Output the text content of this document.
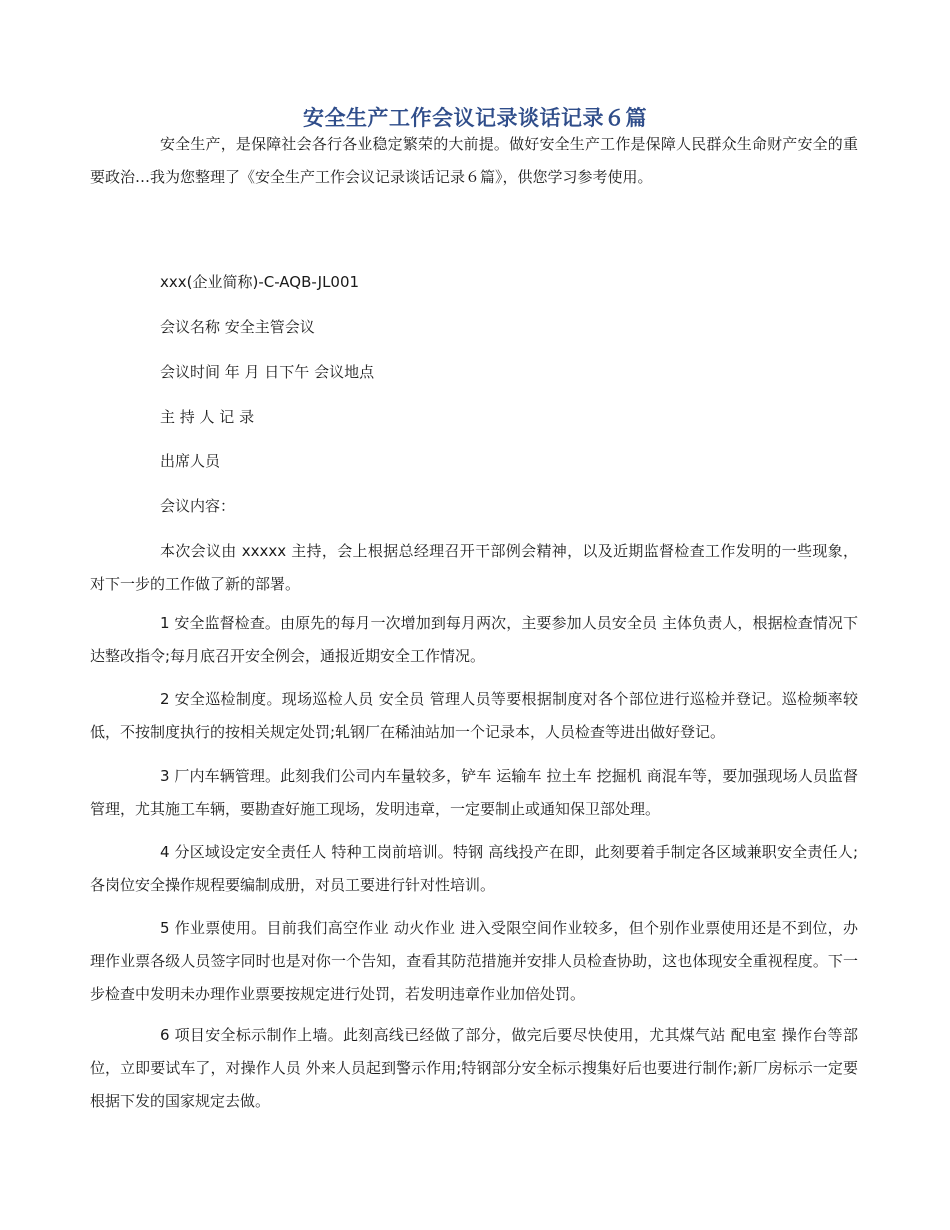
安全生产工作会议记录谈话记录６篇

安全生产，是保障社会各行各业稳定繁荣的大前提。做好安全生产工作是保障人民群众生命财产安全的重要政治…我为您整理了《安全生产工作会议记录谈话记录６篇》，供您学习参考使用。

xxx(企业简称)-C-AQB-JL001

会议名称 安全主管会议

会议时间 年 月 日下午 会议地点

主 持 人 记 录

出席人员

会议内容：

本次会议由 xxxxx 主持，会上根据总经理召开干部例会精神，以及近期监督检查工作发明的一些现象，对下一步的工作做了新的部署。

1 安全监督检查。由原先的每月一次增加到每月两次，主要参加人员安全员 主体负责人，根据检查情况下达整改指令;每月底召开安全例会，通报近期安全工作情况。

2 安全巡检制度。现场巡检人员 安全员 管理人员等要根据制度对各个部位进行巡检并登记。巡检频率较低，不按制度执行的按相关规定处罚;轧钢厂在稀油站加一个记录本，人员检查等进出做好登记。

3 厂内车辆管理。此刻我们公司内车量较多，铲车 运输车 拉土车 挖掘机 商混车等，要加强现场人员监督管理，尤其施工车辆，要勘查好施工现场，发明违章，一定要制止或通知保卫部处理。

4 分区域设定安全责任人 特种工岗前培训。特钢 高线投产在即，此刻要着手制定各区域兼职安全责任人;各岗位安全操作规程要编制成册，对员工要进行针对性培训。

5 作业票使用。目前我们高空作业 动火作业 进入受限空间作业较多，但个别作业票使用还是不到位，办理作业票各级人员签字同时也是对你一个告知，查看其防范措施并安排人员检查协助，这也体现安全重视程度。下一步检查中发明未办理作业票要按规定进行处罚，若发明违章作业加倍处罚。

6 项目安全标示制作上墙。此刻高线已经做了部分，做完后要尽快使用，尤其煤气站 配电室 操作台等部位，立即要试车了，对操作人员 外来人员起到警示作用;特钢部分安全标示搜集好后也要进行制作;新厂房标示一定要根据下发的国家规定去做。
